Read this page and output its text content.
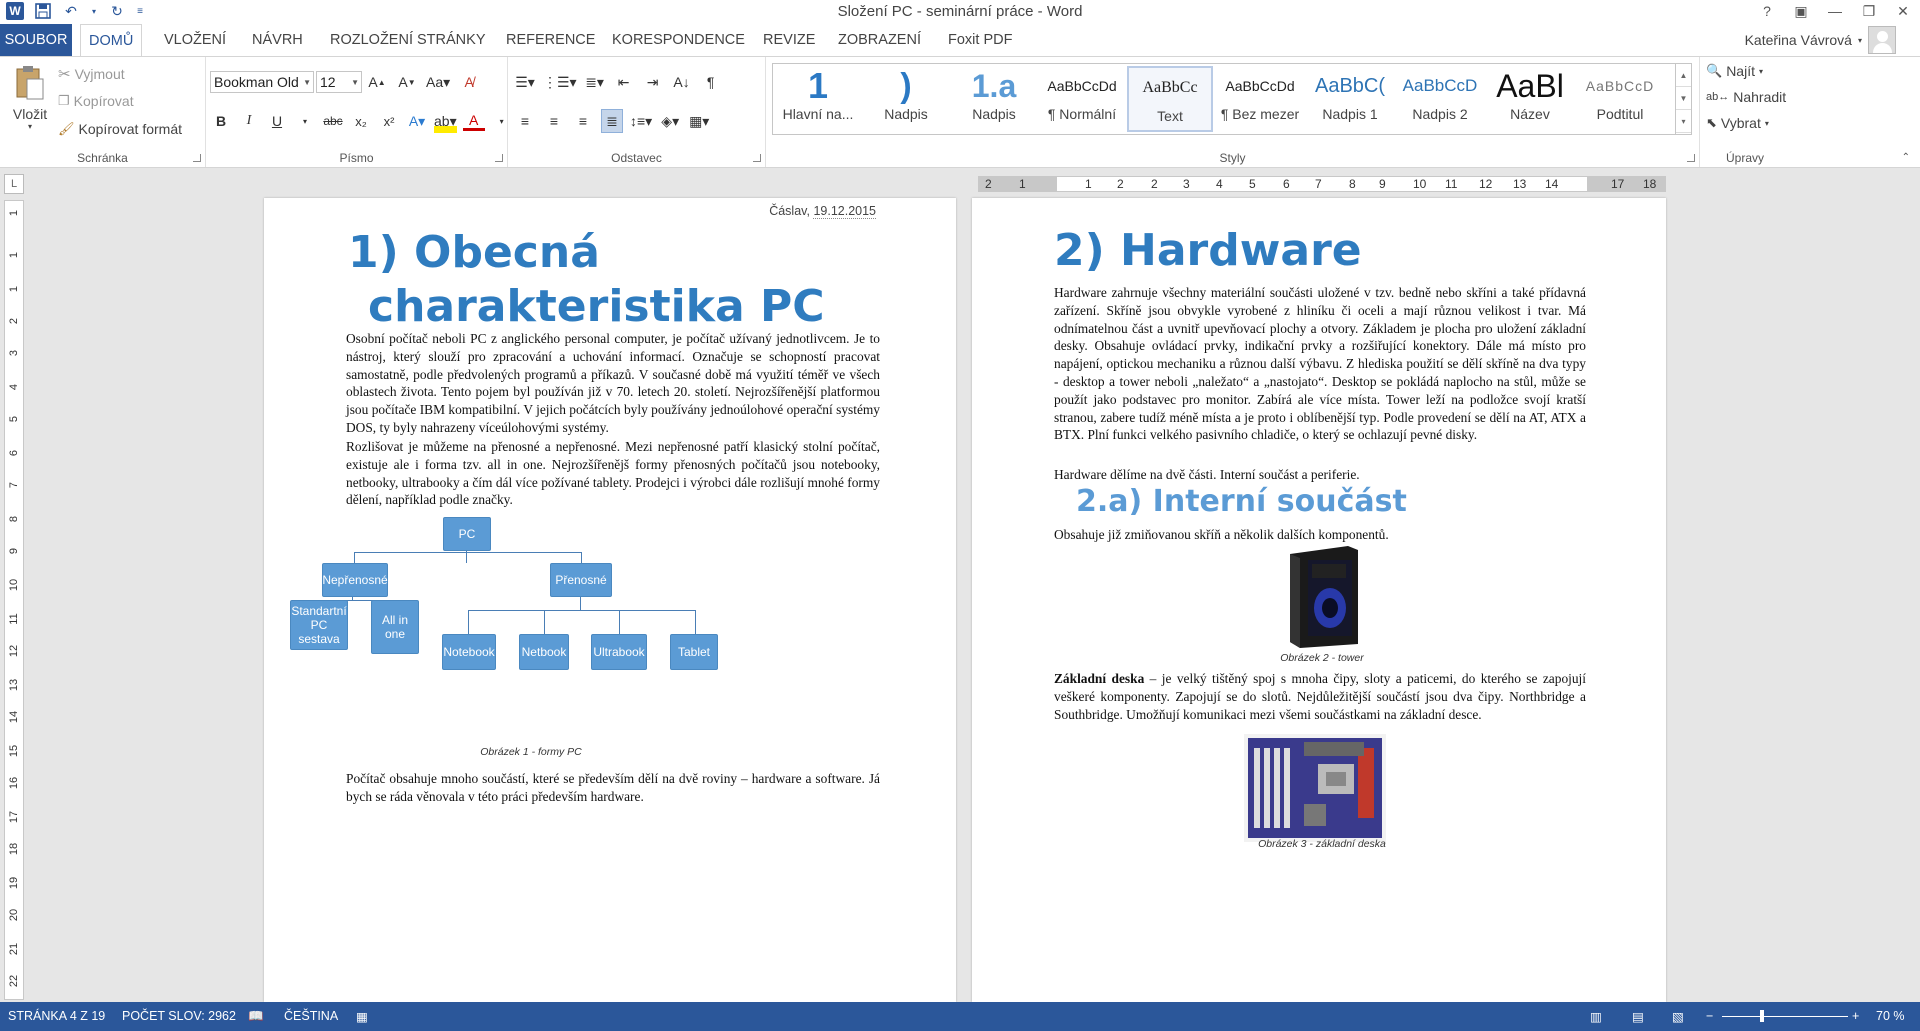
W	↶	▾ ↻	≡	Složení PC - seminární práce - Word	?	▣	—	❐	✕
SOUBOR	DOMŮ	VLOŽENÍ	NÁVRH	ROZLOŽENÍ STRÁNKY	REFERENCE	KORESPONDENCE	REVIZE	ZOBRAZENÍ	Foxit PDF	Kateřina Vávrová ▾
Vložit
▾
✂ Vyjmout
❐ Kopírovat
🖌 Kopírovat formát
Schránka
Bookman Old ▼ 12 ▼ A ▲ A ▼ Aa▾	A̸
B	I	U	▾	abc x₂	x²	A▾ ab▾ A	▾
Písmo
☰▾ ⋮☰▾ ≣▾ ⇤	⇥	A↓	¶
≡	≡	≡	≣ ↕≡▾ ◈▾ ▦▾
Odstavec	Styly
1
Hlavní na...
)
Nadpis
1.a
Nadpis
AaBbCcDd
¶ Normální
AaBbCc
Text
AaBbCcDd
¶ Bez mezer
AaBbC(
Nadpis 1
AaBbCcD
Nadpis 2
AaBl
Název
AaBbCcD
Podtitul
▲
▼
▾
🔍 Najít ▾
ab↔ Nahradit
⬉ Vybrat ▾
Úpravy	⌃
L	2 1	1 2 2 3 4 5 6 7 8 9 10 11 12 13 14	17 18
1
1
1
2
3
4
5
6
7
8
9
10
11
12
13
14
15
16
17
18
19
20
21
22
Čáslav, 19.12.2015
1) Obecná
charakteristika PC
Osobní počítač neboli PC z anglického personal computer, je počítač užívaný jednotlivcem. Je to nástroj, který slouží pro zpracování a uchování informací. Označuje se schopností pracovat samostatně, podle předvolených programů a příkazů. V současné době má využití téměř ve všech oblastech života. Tento pojem byl používán již v 70. letech 20. století. Nejrozšířenější platformou jsou počítače IBM kompatibilní. V jejich počátcích byly používány jednoúlohové operační systémy DOS, ty byly nahrazeny víceúlohovými systémy.
Rozlišovat je můžeme na přenosné a nepřenosné. Mezi nepřenosné patří klasický stolní počítač, existuje ale i forma tzv. all in one. Nejrozšířenějš formy přenosných počítačů jsou notebooky, netbooky, ultrabooky a čím dál více požívané tablety. Prodejci i výrobci dále rozlišují mnohé formy dělení, například podle značky.
PC
Nepřenosné	Přenosné
Standartní PC sestava
All in one
Notebook Netbook Ultrabook	Tablet
Obrázek 1 - formy PC
Počítač obsahuje mnoho součástí, které se především dělí na dvě roviny – hardware a software. Já bych se ráda věnovala v této práci především hardware.
2) Hardware
Hardware zahrnuje všechny materiální součásti uložené v tzv. bedně nebo skříni a také přídavná zařízení. Skříně jsou obvykle vyrobené z hliníku či oceli a mají různou velikost i tvar. Má odnímatelnou část a uvnitř upevňovací plochy a otvory. Základem je plocha pro uložení základní desky. Obsahuje ovládací prvky, indikační prvky a rozšiřující konektory. Dále má místo pro napájení, optickou mechaniku a různou další výbavu. Z hlediska použití se dělí skříně na dva typy - desktop a tower neboli „naležato“ a „nastojato“. Desktop se pokládá naplocho na stůl, může se použít jako podstavec pro monitor. Zabírá ale více místa. Tower leží na podložce svojí kratší stranou, zabere tudíž méně místa a je proto i oblíbenější typ. Podle provedení se dělí na AT, ATX a BTX. Plní funkci velkého pasivního chladiče, o který se ochlazují pevné disky.
Hardware dělíme na dvě části. Interní součást a periferie.
2.a) Interní součást
Obsahuje již zmiňovanou skříň a několik dalších komponentů.
Obrázek 2 - tower
Základní deska – je velký tištěný spoj s mnoha čipy, sloty a paticemi, do kterého se zapojují veškeré komponenty. Zapojují se do slotů. Nejdůležitější součástí jsou dva čipy. Northbridge a Southbridge. Umožňují komunikaci mezi všemi součástkami na základní desce.
Obrázek 3 - základní deska
STRÁNKA 4 Z 19 POČET SLOV: 2962 📖 ČEŠTINA ▦	▥ ▤ ▧ −	+ 70 %
